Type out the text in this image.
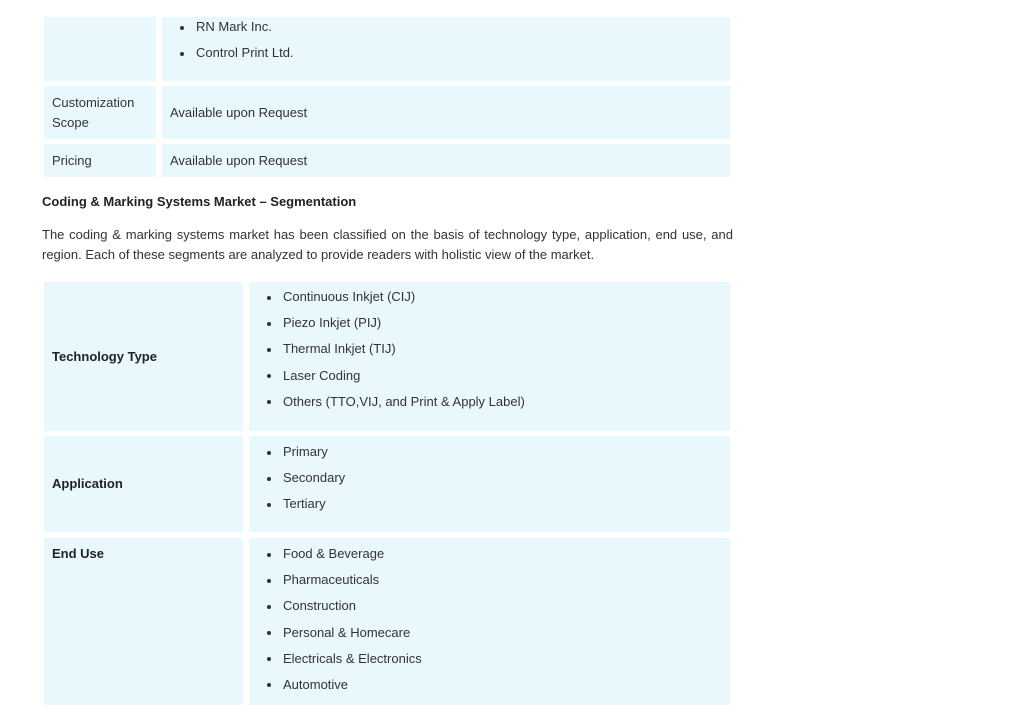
RN Mark Inc.
Control Print Ltd.
Customization Scope
Available upon Request
Pricing	Available upon Request
Coding & Marking Systems Market – Segmentation
The coding & marking systems market has been classified on the basis of technology type, application, end use, and region. Each of these segments are analyzed to provide readers with holistic view of the market.
Technology Type
Continuous Inkjet (CIJ)
Piezo Inkjet (PIJ)
Thermal Inkjet (TIJ)
Laser Coding
Others (TTO,VIJ, and Print & Apply Label)
Application
Primary
Secondary
Tertiary
End Use	Food & Beverage
Pharmaceuticals
Construction
Personal & Homecare
Electricals & Electronics
Automotive
